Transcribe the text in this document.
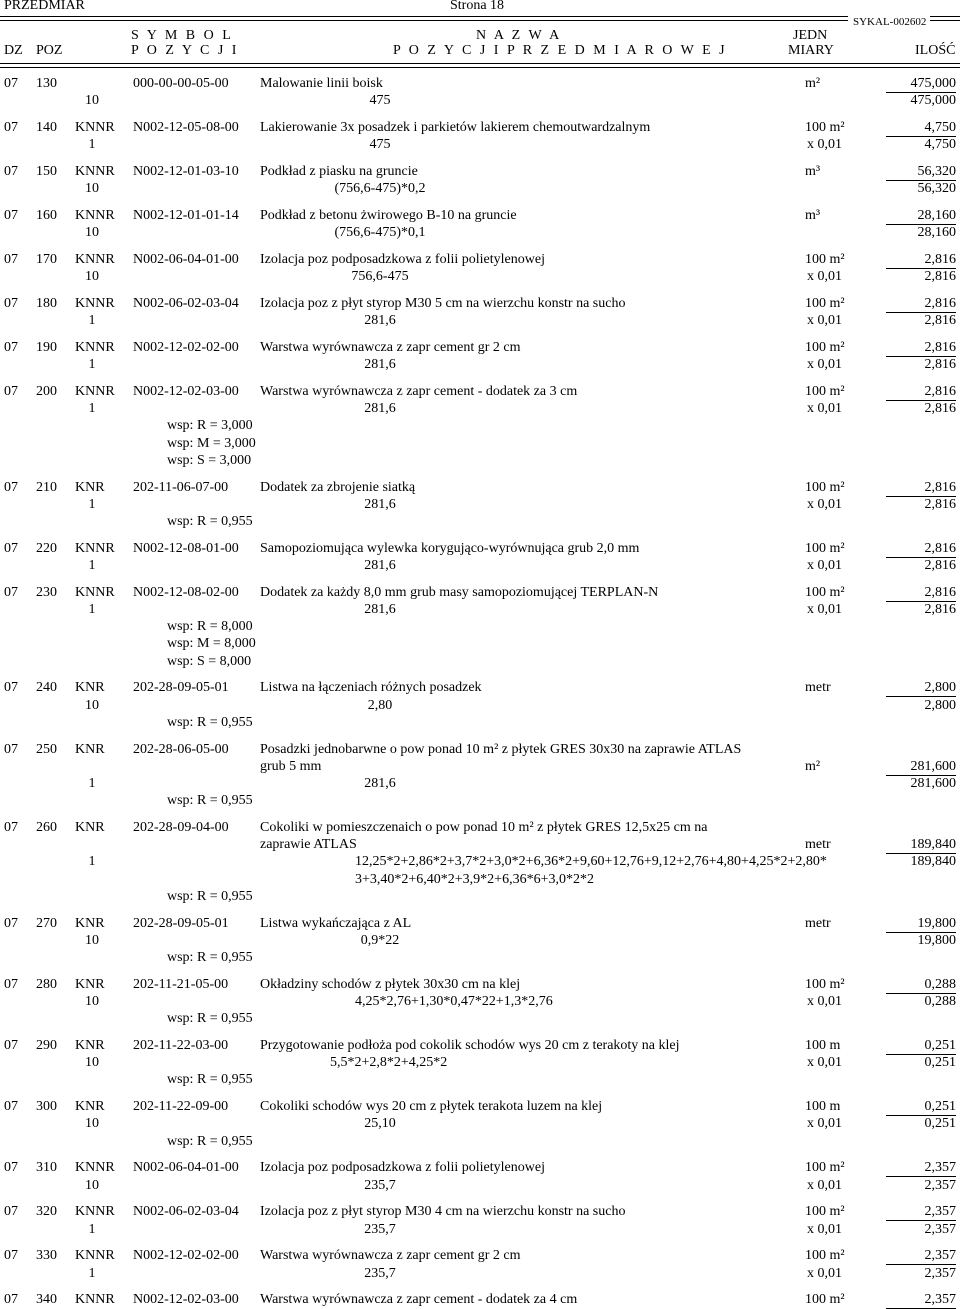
PRZEDMIAR	Strona 18
SYKAL-002602
DZ POZ
S Y M B O L
P O Z Y C J I
N A Z W A
P O Z Y C J I P R Z E D M I A R O W E J
JEDN
MIARY	ILOŚĆ
07 130	000-00-00-05-00 Malowanie linii boisk	m²	475,000
10	475	475,000
07 140 KNNR N002-12-05-08-00 Lakierowanie 3x posadzek i parkietów lakierem chemoutwardzalnym	100 m²	4,750
1	475	x 0,01	4,750
07 150 KNNR N002-12-01-03-10 Podkład z piasku na gruncie	m³	56,320
10	(756,6-475)*0,2	56,320
07 160 KNNR N002-12-01-01-14 Podkład z betonu żwirowego B-10 na gruncie	m³	28,160
10	(756,6-475)*0,1	28,160
07 170 KNNR N002-06-04-01-00 Izolacja poz podposadzkowa z folii polietylenowej	100 m²	2,816
10	756,6-475	x 0,01	2,816
07 180 KNNR N002-06-02-03-04 Izolacja poz z płyt styrop M30 5 cm na wierzchu konstr na sucho	100 m²	2,816
1	281,6	x 0,01	2,816
07 190 KNNR N002-12-02-02-00 Warstwa wyrównawcza z zapr cement gr 2 cm	100 m²	2,816
1	281,6	x 0,01	2,816
07 200 KNNR N002-12-02-03-00 Warstwa wyrównawcza z zapr cement - dodatek za 3 cm	100 m²	2,816
1	281,6	x 0,01	2,816
wsp: R = 3,000
wsp: M = 3,000
wsp: S = 3,000
07 210 KNR 202-11-06-07-00 Dodatek za zbrojenie siatką	100 m²	2,816
1	281,6	x 0,01	2,816
wsp: R = 0,955
07 220 KNNR N002-12-08-01-00 Samopoziomująca wylewka korygująco-wyrównująca grub 2,0 mm	100 m²	2,816
1	281,6	x 0,01	2,816
07 230 KNNR N002-12-08-02-00 Dodatek za każdy 8,0 mm grub masy samopoziomującej TERPLAN-N	100 m²	2,816
1	281,6	x 0,01	2,816
wsp: R = 8,000
wsp: M = 8,000
wsp: S = 8,000
07 240 KNR 202-28-09-05-01 Listwa na łączeniach różnych posadzek	metr	2,800
10	2,80	2,800
wsp: R = 0,955
07 250 KNR 202-28-06-05-00 Posadzki jednobarwne o pow ponad 10 m² z płytek GRES 30x30 na zaprawie ATLAS
grub 5 mm	m²	281,600
1	281,6	281,600
wsp: R = 0,955
07 260 KNR 202-28-09-04-00 Cokoliki w pomieszczenaich o pow ponad 10 m² z płytek GRES 12,5x25 cm na
zaprawie ATLAS	metr	189,840
1	12,25*2+2,86*2+3,7*2+3,0*2+6,36*2+9,60+12,76+9,12+2,76+4,80+4,25*2+2,80*	189,840
3+3,40*2+6,40*2+3,9*2+6,36*6+3,0*2*2
wsp: R = 0,955
07 270 KNR 202-28-09-05-01 Listwa wykańczająca z AL	metr	19,800
10	0,9*22	19,800
wsp: R = 0,955
07 280 KNR 202-11-21-05-00 Okładziny schodów z płytek 30x30 cm na klej	100 m²	0,288
10	4,25*2,76+1,30*0,47*22+1,3*2,76	x 0,01	0,288
wsp: R = 0,955
07 290 KNR 202-11-22-03-00 Przygotowanie podłoża pod cokolik schodów wys 20 cm z terakoty na klej	100 m	0,251
10	5,5*2+2,8*2+4,25*2	x 0,01	0,251
wsp: R = 0,955
07 300 KNR 202-11-22-09-00 Cokoliki schodów wys 20 cm z płytek terakota luzem na klej	100 m	0,251
10	25,10	x 0,01	0,251
wsp: R = 0,955
07 310 KNNR N002-06-04-01-00 Izolacja poz podposadzkowa z folii polietylenowej	100 m²	2,357
10	235,7	x 0,01	2,357
07 320 KNNR N002-06-02-03-04 Izolacja poz z płyt styrop M30 4 cm na wierzchu konstr na sucho	100 m²	2,357
1	235,7	x 0,01	2,357
07 330 KNNR N002-12-02-02-00 Warstwa wyrównawcza z zapr cement gr 2 cm	100 m²	2,357
1	235,7	x 0,01	2,357
07 340 KNNR N002-12-02-03-00 Warstwa wyrównawcza z zapr cement - dodatek za 4 cm	100 m²	2,357
